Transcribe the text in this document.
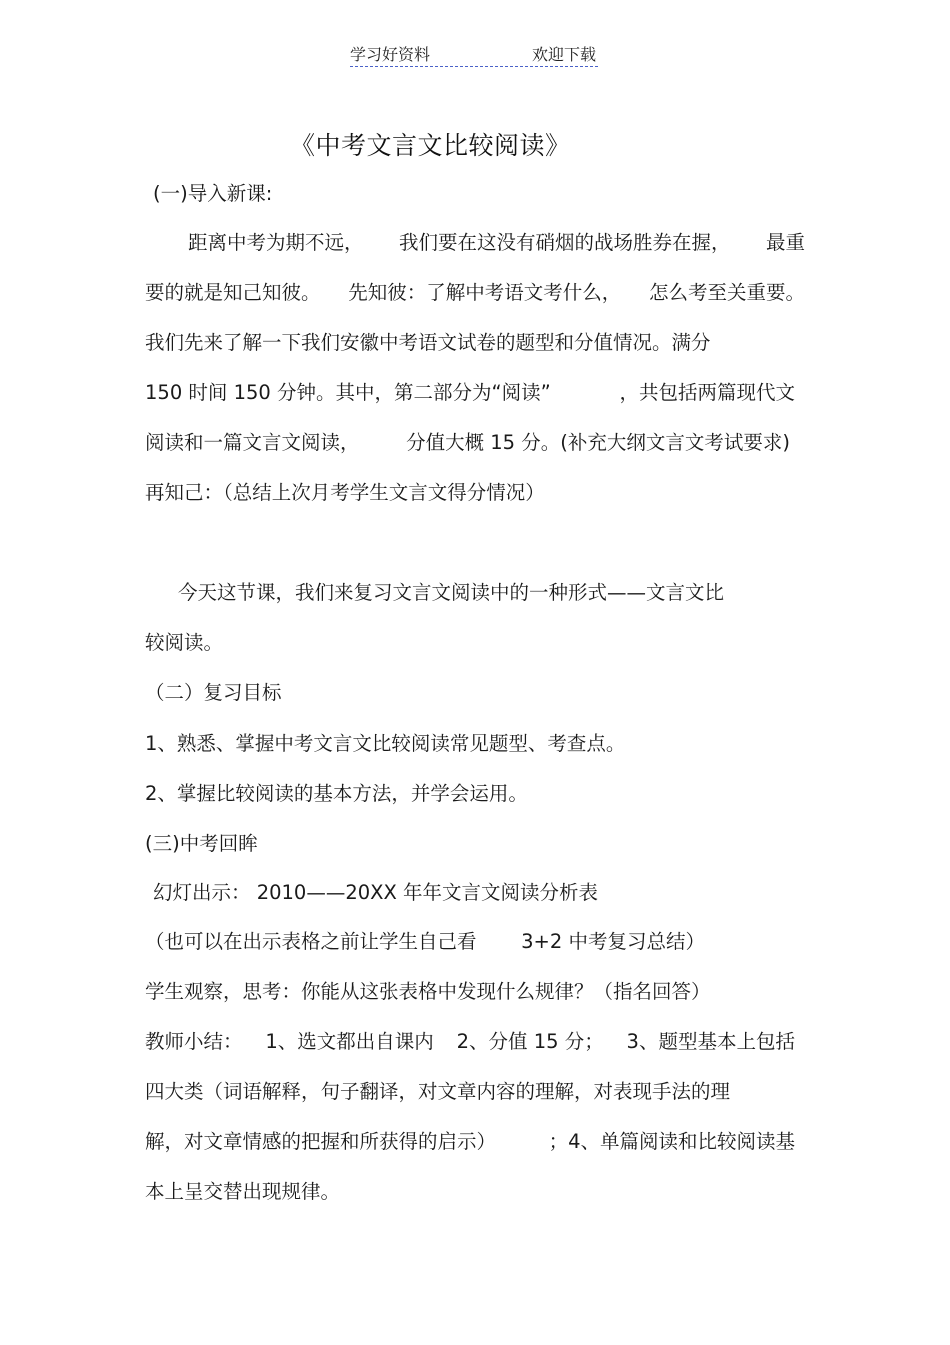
学习好资料	欢迎下载
《中考文言文比较阅读》
(一)导入新课:
距离中考为期不远， 我们要在这没有硝烟的战场胜券在握， 最重
要的就是知己知彼。 先知彼：了解中考语文考什么， 怎么考至关重要。
我们先来了解一下我们安徽中考语文试卷的题型和分值情况。满分
150 时间 150 分钟。其中，第二部分为“阅读”	，共包括两篇现代文
阅读和一篇文言文阅读， 分值大概 15 分。(补充大纲文言文考试要求)
再知己：（总结上次月考学生文言文得分情况）
今天这节课，我们来复习文言文阅读中的一种形式——文言文比
较阅读。
（二）复习目标
1、熟悉、掌握中考文言文比较阅读常见题型、考查点。
2、掌握比较阅读的基本方法，并学会运用。
(三)中考回眸
幻灯出示： 2010——20XX 年年文言文阅读分析表
（也可以在出示表格之前让学生自己看 3+2 中考复习总结）
学生观察，思考：你能从这张表格中发现什么规律？（指名回答）
教师小结： 1、选文都出自课内 2、分值 15 分； 3、题型基本上包括
四大类（词语解释，句子翻译，对文章内容的理解，对表现手法的理
解，对文章情感的把握和所获得的启示）	；4、单篇阅读和比较阅读基
本上呈交替出现规律。
